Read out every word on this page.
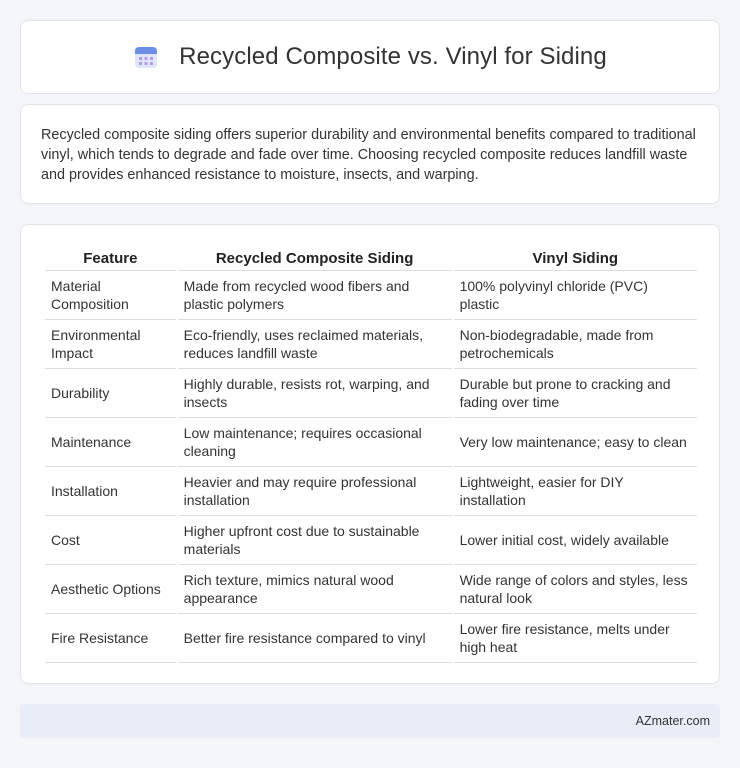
Recycled Composite vs. Vinyl for Siding

Recycled composite siding offers superior durability and environmental benefits compared to traditional vinyl, which tends to degrade and fade over time. Choosing recycled composite reduces landfill waste and provides enhanced resistance to moisture, insects, and warping.

Feature	Recycled Composite Siding	Vinyl Siding
Material Composition	Made from recycled wood fibers and plastic polymers	100% polyvinyl chloride (PVC) plastic
Environmental Impact	Eco-friendly, uses reclaimed materials, reduces landfill waste	Non-biodegradable, made from petrochemicals
Durability	Highly durable, resists rot, warping, and insects	Durable but prone to cracking and fading over time
Maintenance	Low maintenance; requires occasional cleaning	Very low maintenance; easy to clean
Installation	Heavier and may require professional installation	Lightweight, easier for DIY installation
Cost	Higher upfront cost due to sustainable materials	Lower initial cost, widely available
Aesthetic Options	Rich texture, mimics natural wood appearance	Wide range of colors and styles, less natural look
Fire Resistance	Better fire resistance compared to vinyl	Lower fire resistance, melts under high heat
AZmater.com
